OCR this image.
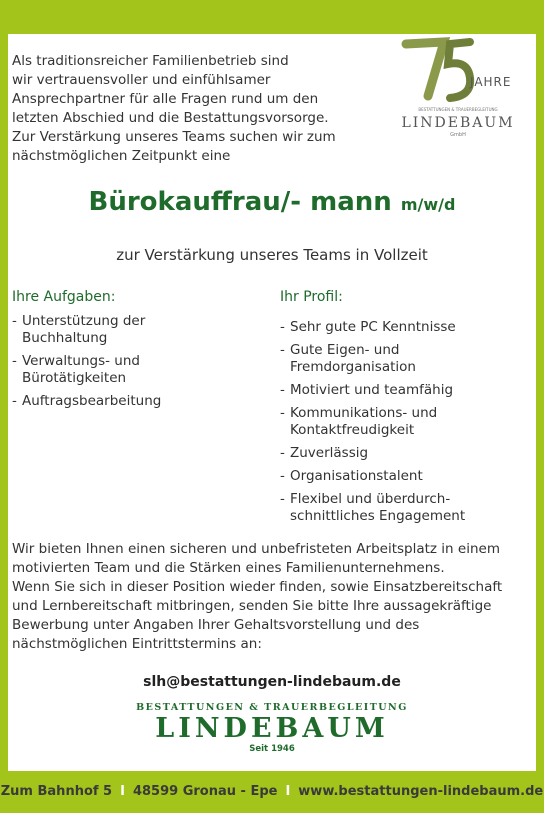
Als traditionsreicher Familienbetrieb sind
wir vertrauensvoller und einfühlsamer
Ansprechpartner für alle Fragen rund um den
letzten Abschied und die Bestattungsvorsorge.
Zur Verstärkung unseres Teams suchen wir zum
nächstmöglichen Zeitpunkt eine

JAHRE
BESTATTUNGEN & TRAUERBEGLEITUNG
LINDEBAUM
GmbH

Bürokauffrau/- mann m/w/d

zur Verstärkung unseres Teams in Vollzeit

Ihre Aufgaben:

- Unterstützung der Buchhaltung
- Verwaltungs- und Bürotätigkeiten
- Auftragsbearbeitung

Ihr Profil:

- Sehr gute PC Kenntnisse
- Gute Eigen- und Fremdorganisation
- Motiviert und teamfähig
- Kommunikations- und Kontaktfreudigkeit
- Zuverlässig
- Organisationstalent
- Flexibel und überdurch-schnittliches Engagement

Wir bieten Ihnen einen sicheren und unbefristeten Arbeitsplatz in einem
motivierten Team und die Stärken eines Familienunternehmens.
Wenn Sie sich in dieser Position wieder finden, sowie Einsatzbereitschaft
und Lernbereitschaft mitbringen, senden Sie bitte Ihre aussagekräftige
Bewerbung unter Angaben Ihrer Gehaltsvorstellung und des
nächstmöglichen Eintrittstermins an:

slh@bestattungen-lindebaum.de

BESTATTUNGEN & TRAUERBEGLEITUNG

LINDEBAUM

Seit 1946

Zum Bahnhof 5 I 48599 Gronau - Epe I www.bestattungen-lindebaum.de
